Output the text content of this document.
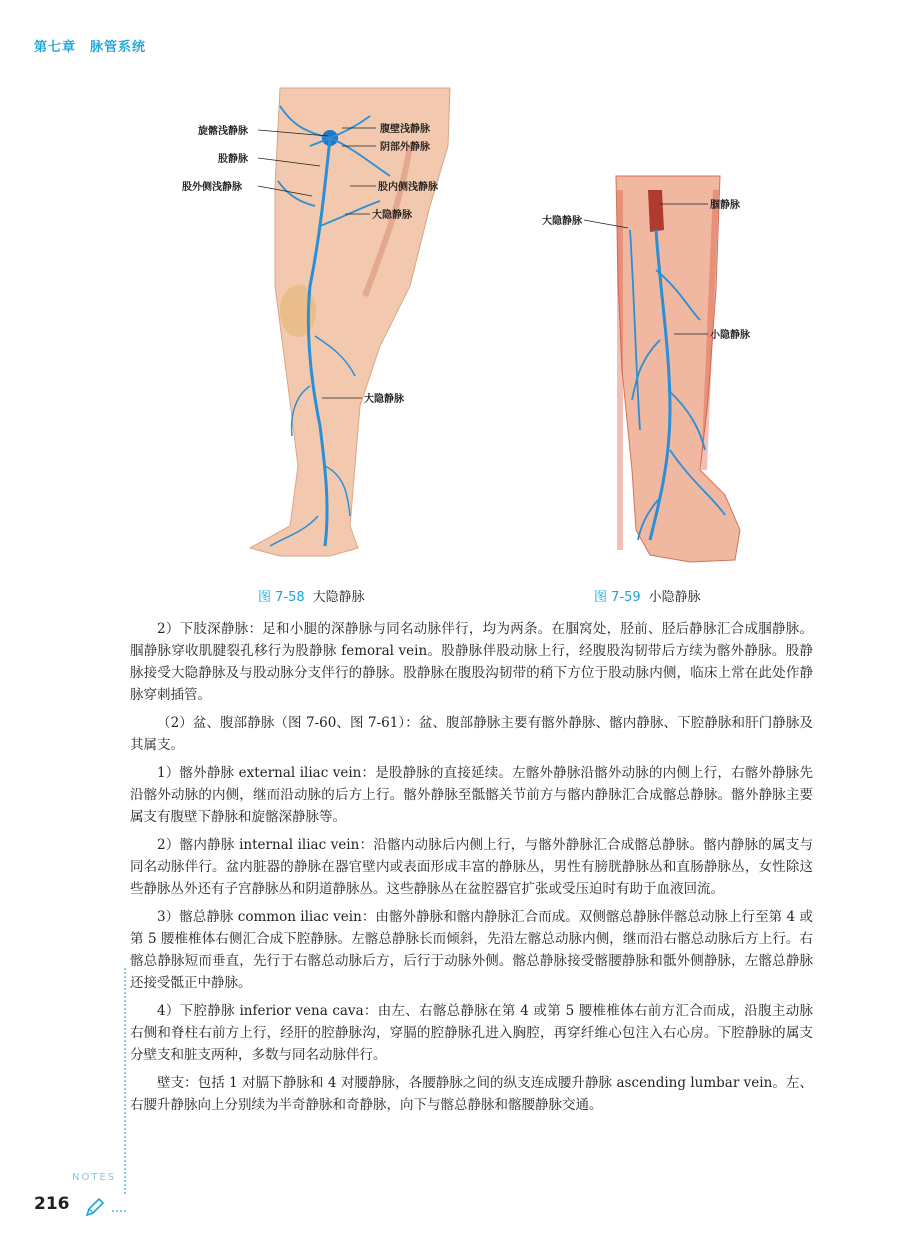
第七章 脉管系统
旋髂浅静脉
股静脉
股外侧浅静脉
腹壁浅静脉
阴部外静脉
股内侧浅静脉
大隐静脉
大隐静脉
图 7-58 大隐静脉
大隐静脉
腘静脉
小隐静脉
图 7-59 小隐静脉

2）下肢深静脉：足和小腿的深静脉与同名动脉伴行，均为两条。在腘窝处，胫前、胫后静脉汇合成腘静脉。腘静脉穿收肌腱裂孔移行为股静脉 femoral vein。股静脉伴股动脉上行，经腹股沟韧带后方续为髂外静脉。股静脉接受大隐静脉及与股动脉分支伴行的静脉。股静脉在腹股沟韧带的稍下方位于股动脉内侧，临床上常在此处作静脉穿刺插管。

（2）盆、腹部静脉（图 7-60、图 7-61）：盆、腹部静脉主要有髂外静脉、髂内静脉、下腔静脉和肝门静脉及其属支。

1）髂外静脉 external iliac vein：是股静脉的直接延续。左髂外静脉沿髂外动脉的内侧上行，右髂外静脉先沿髂外动脉的内侧，继而沿动脉的后方上行。髂外静脉至骶髂关节前方与髂内静脉汇合成髂总静脉。髂外静脉主要属支有腹壁下静脉和旋髂深静脉等。

2）髂内静脉 internal iliac vein：沿髂内动脉后内侧上行，与髂外静脉汇合成髂总静脉。髂内静脉的属支与同名动脉伴行。盆内脏器的静脉在器官壁内或表面形成丰富的静脉丛，男性有膀胱静脉丛和直肠静脉丛，女性除这些静脉丛外还有子宫静脉丛和阴道静脉丛。这些静脉丛在盆腔器官扩张或受压迫时有助于血液回流。

3）髂总静脉 common iliac vein：由髂外静脉和髂内静脉汇合而成。双侧髂总静脉伴髂总动脉上行至第 4 或第 5 腰椎椎体右侧汇合成下腔静脉。左髂总静脉长而倾斜，先沿左髂总动脉内侧，继而沿右髂总动脉后方上行。右髂总静脉短而垂直，先行于右髂总动脉后方，后行于动脉外侧。髂总静脉接受髂腰静脉和骶外侧静脉，左髂总静脉还接受骶正中静脉。

4）下腔静脉 inferior vena cava：由左、右髂总静脉在第 4 或第 5 腰椎椎体右前方汇合而成，沿腹主动脉右侧和脊柱右前方上行，经肝的腔静脉沟，穿膈的腔静脉孔进入胸腔，再穿纤维心包注入右心房。下腔静脉的属支分壁支和脏支两种，多数与同名动脉伴行。

壁支：包括 1 对膈下静脉和 4 对腰静脉，各腰静脉之间的纵支连成腰升静脉 ascending lumbar vein。左、右腰升静脉向上分别续为半奇静脉和奇静脉，向下与髂总静脉和髂腰静脉交通。

NOTES
216
